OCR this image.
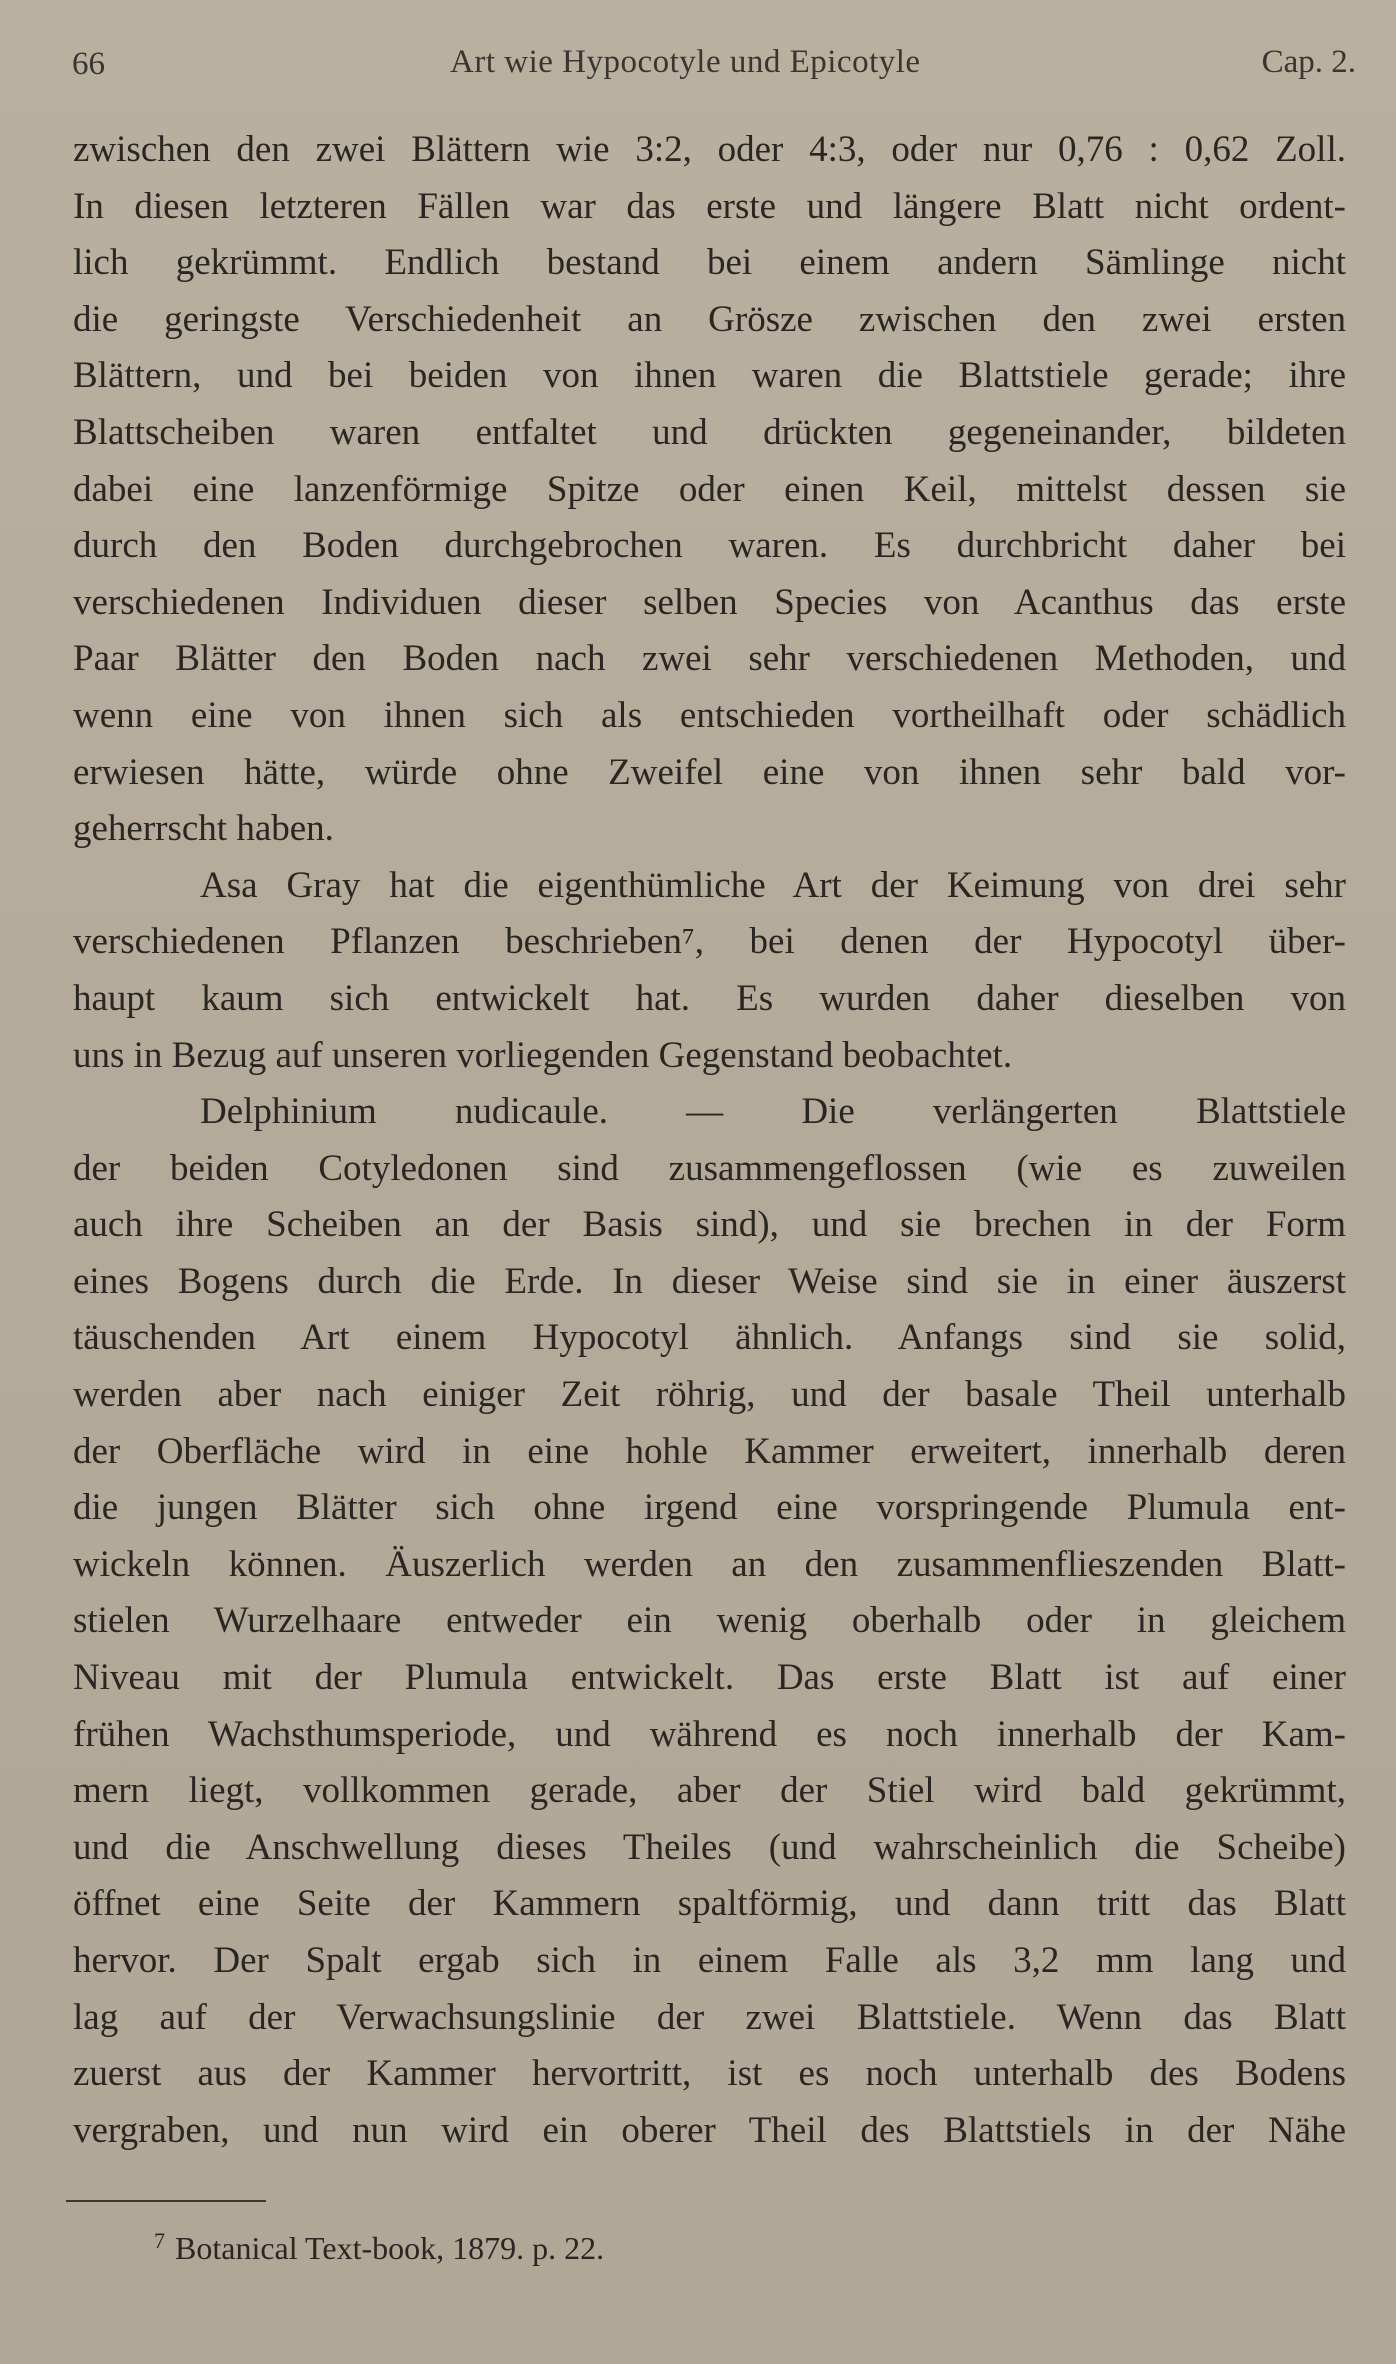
66	Art wie Hypocotyle und Epicotyle	Cap. 2.
zwischen den zwei Blättern wie 3:2, oder 4:3, oder nur 0,76 : 0,62 Zoll.
In diesen letzteren Fällen war das erste und längere Blatt nicht ordent-
lich gekrümmt. Endlich bestand bei einem andern Sämlinge nicht
die geringste Verschiedenheit an Grösze zwischen den zwei ersten
Blättern, und bei beiden von ihnen waren die Blattstiele gerade; ihre
Blattscheiben waren entfaltet und drückten gegeneinander, bildeten
dabei eine lanzenförmige Spitze oder einen Keil, mittelst dessen sie
durch den Boden durchgebrochen waren. Es durchbricht daher bei
verschiedenen Individuen dieser selben Species von Acanthus das erste
Paar Blätter den Boden nach zwei sehr verschiedenen Methoden, und
wenn eine von ihnen sich als entschieden vortheilhaft oder schädlich
erwiesen hätte, würde ohne Zweifel eine von ihnen sehr bald vor-
geherrscht haben.
Asa Gray hat die eigenthümliche Art der Keimung von drei sehr
verschiedenen Pflanzen beschrieben⁷, bei denen der Hypocotyl über-
haupt kaum sich entwickelt hat. Es wurden daher dieselben von
uns in Bezug auf unseren vorliegenden Gegenstand beobachtet.
Delphinium nudicaule. — Die verlängerten Blattstiele
der beiden Cotyledonen sind zusammengeflossen (wie es zuweilen
auch ihre Scheiben an der Basis sind), und sie brechen in der Form
eines Bogens durch die Erde. In dieser Weise sind sie in einer äuszerst
täuschenden Art einem Hypocotyl ähnlich. Anfangs sind sie solid,
werden aber nach einiger Zeit röhrig, und der basale Theil unterhalb
der Oberfläche wird in eine hohle Kammer erweitert, innerhalb deren
die jungen Blätter sich ohne irgend eine vorspringende Plumula ent-
wickeln können. Äuszerlich werden an den zusammenflieszenden Blatt-
stielen Wurzelhaare entweder ein wenig oberhalb oder in gleichem
Niveau mit der Plumula entwickelt. Das erste Blatt ist auf einer
frühen Wachsthumsperiode, und während es noch innerhalb der Kam-
mern liegt, vollkommen gerade, aber der Stiel wird bald gekrümmt,
und die Anschwellung dieses Theiles (und wahrscheinlich die Scheibe)
öffnet eine Seite der Kammern spaltförmig, und dann tritt das Blatt
hervor. Der Spalt ergab sich in einem Falle als 3,2 mm lang und
lag auf der Verwachsungslinie der zwei Blattstiele. Wenn das Blatt
zuerst aus der Kammer hervortritt, ist es noch unterhalb des Bodens
vergraben, und nun wird ein oberer Theil des Blattstiels in der Nähe
$^7$ Botanical Text-book, 1879. p. 22.
